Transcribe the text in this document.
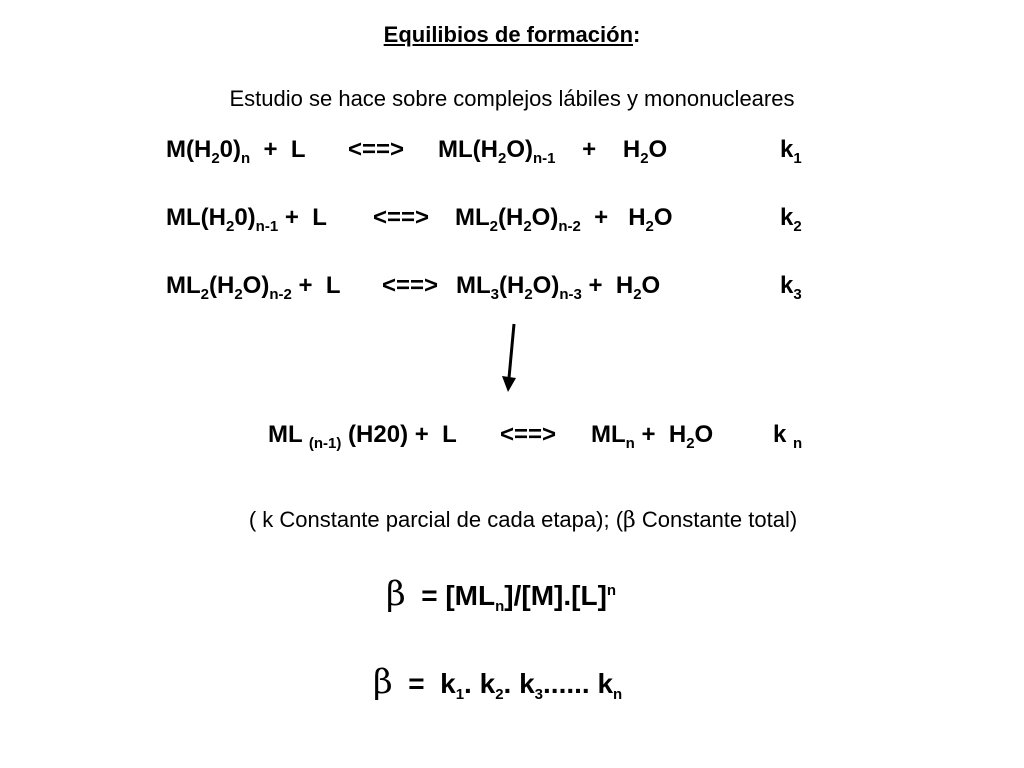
Equilibios de formación:
Estudio se hace sobre complejos lábiles y mononucleares
$M(H_20)_n + L$ <==> $ML(H_2O)_{n-1}$    +    $H_2O$	$k_1$
$ML(H_20)_{n-1} + L$ <==> $ML_2(H_2O)_{n-2} + H_2O$	$k_2$
$ML_2(H_2O)_{n-2} + L$ <==> $ML_3(H_2O)_{n-3} + H_2O$	$k_3$
ML $_{(n-1)}$ (H20) +  L <==> $ML_n + H_2O$ k $_n$
( k Constante parcial de cada etapa); (β Constante total)
$\beta = [ML_n]/[M].[L]^n$
$\beta = k_1$. $k_2$. $k_3$...... $k_n$
